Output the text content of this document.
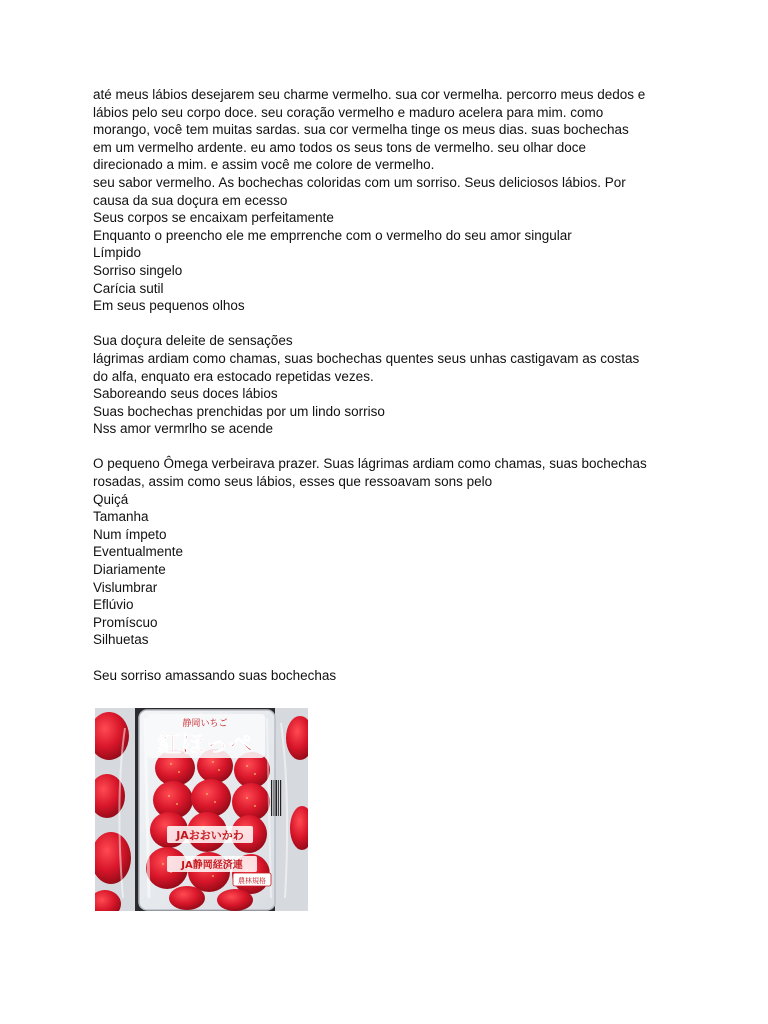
até meus lábios desejarem seu charme vermelho. sua cor vermelha. percorro meus dedos e
lábios pelo seu corpo doce. seu coração vermelho e maduro acelera para mim. como
morango, você tem muitas sardas. sua cor vermelha tinge os meus dias. suas bochechas
em um vermelho ardente. eu amo todos os seus tons de vermelho. seu olhar doce
direcionado a mim. e assim você me colore de vermelho.
seu sabor vermelho. As bochechas coloridas com um sorriso. Seus deliciosos lábios. Por
causa da sua doçura em ecesso
Seus corpos se encaixam perfeitamente
Enquanto o preencho ele me emprrenche com o vermelho do seu amor singular
Límpido
Sorriso singelo
Carícia sutil
Em seus pequenos olhos
Sua doçura deleite de sensações
lágrimas ardiam como chamas, suas bochechas quentes seus unhas castigavam as costas
do alfa, enquato era estocado repetidas vezes.
Saboreando seus doces lábios
Suas bochechas prenchidas por um lindo sorriso
Nss amor vermrlho se acende
O pequeno Ômega verbeirava prazer. Suas lágrimas ardiam como chamas, suas bochechas
rosadas, assim como seus lábios, esses que ressoavam sons pelo
Quiçá
Tamanha
Num ímpeto
Eventualmente
Diariamente
Vislumbrar
Eflúvio
Promíscuo
Silhuetas
Seu sorriso amassando suas bochechas
静岡いちご
紅ほっぺ
JAおおいかわ
JA静岡経済連
農林規格
